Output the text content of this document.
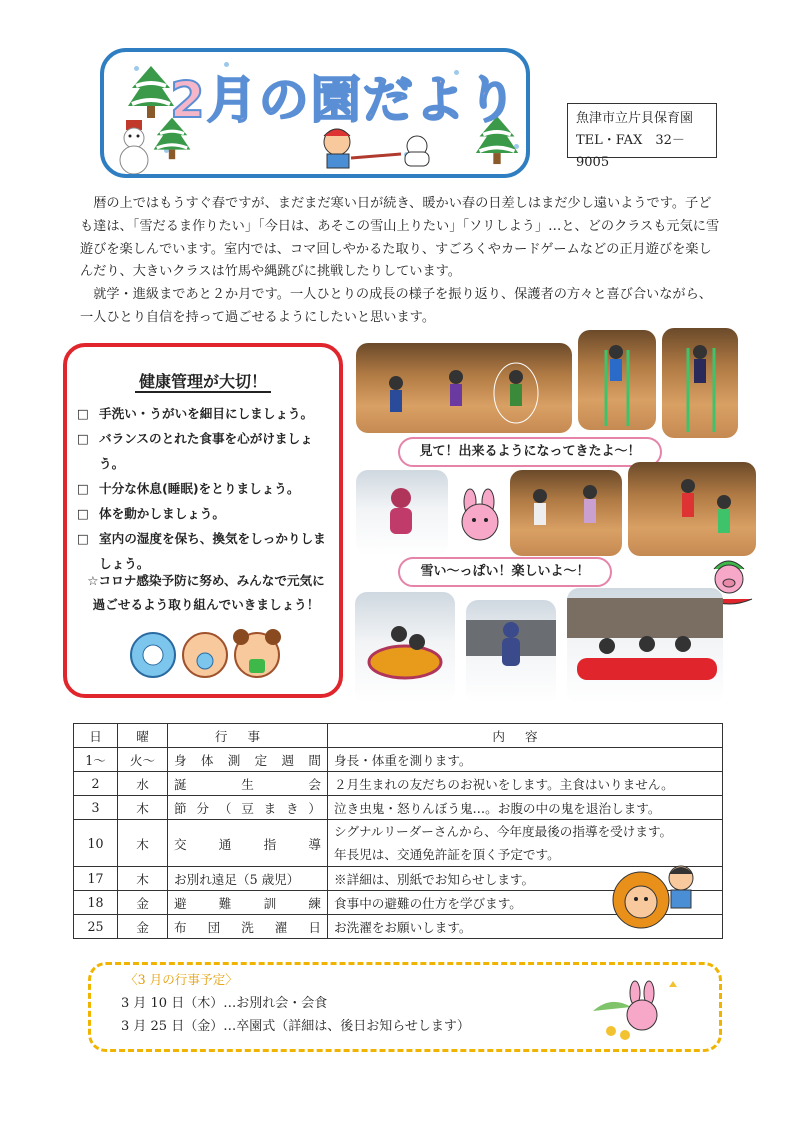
2月の園だより	魚津市立片貝保育園
TEL・FAX　32－9005

暦の上ではもうすぐ春ですが、まだまだ寒い日が続き、暖かい春の日差しはまだ少し遠いようです。子ども達は、「雪だるま作りたい」「今日は、あそこの雪山上りたい」「ソリしよう」…と、どのクラスも元気に雪遊びを楽しんでいます。室内では、コマ回しやかるた取り、すごろくやカードゲームなどの正月遊びを楽しんだり、大きいクラスは竹馬や縄跳びに挑戦したりしています。

就学・進級まであと２か月です。一人ひとりの成長の様子を振り返り、保護者の方々と喜び合いながら、一人ひとり自信を持って過ごせるようにしたいと思います。

健康管理が大切！
□ 手洗い・うがいを細目にしましょう。
□ バランスのとれた食事を心がけましょう。
□ 十分な休息(睡眠)をとりましょう。
□ 体を動かしましょう。
□ 室内の湿度を保ち、換気をしっかりしましょう。
☆コロナ感染予防に努め、みんなで元気に過ごせるよう取り組んでいきましょう！
見て！出来るようになってきたよ～！
雪い～っぱい！楽しいよ～！
日	曜	行事	内容
1～	火～	身体測定週間	身長・体重を測ります。
2	水	誕生会	２月生まれの友だちのお祝いをします。主食はいりません。
3	木	節分（豆まき）	泣き虫鬼・怒りんぼう鬼…。お腹の中の鬼を退治します。
10	木	交通指導	シグナルリーダーさんから、今年度最後の指導を受けます。
年長児は、交通免許証を頂く予定です。

17	木	お別れ遠足（5 歳児）	※詳細は、別紙でお知らせします。
18	金	避難訓練	食事中の避難の仕方を学びます。
25	金	布団洗濯日	お洗濯をお願いします。
〈3 月の行事予定〉
3 月 10 日（木）…お別れ会・会食
3 月 25 日（金）…卒園式（詳細は、後日お知らせします）
